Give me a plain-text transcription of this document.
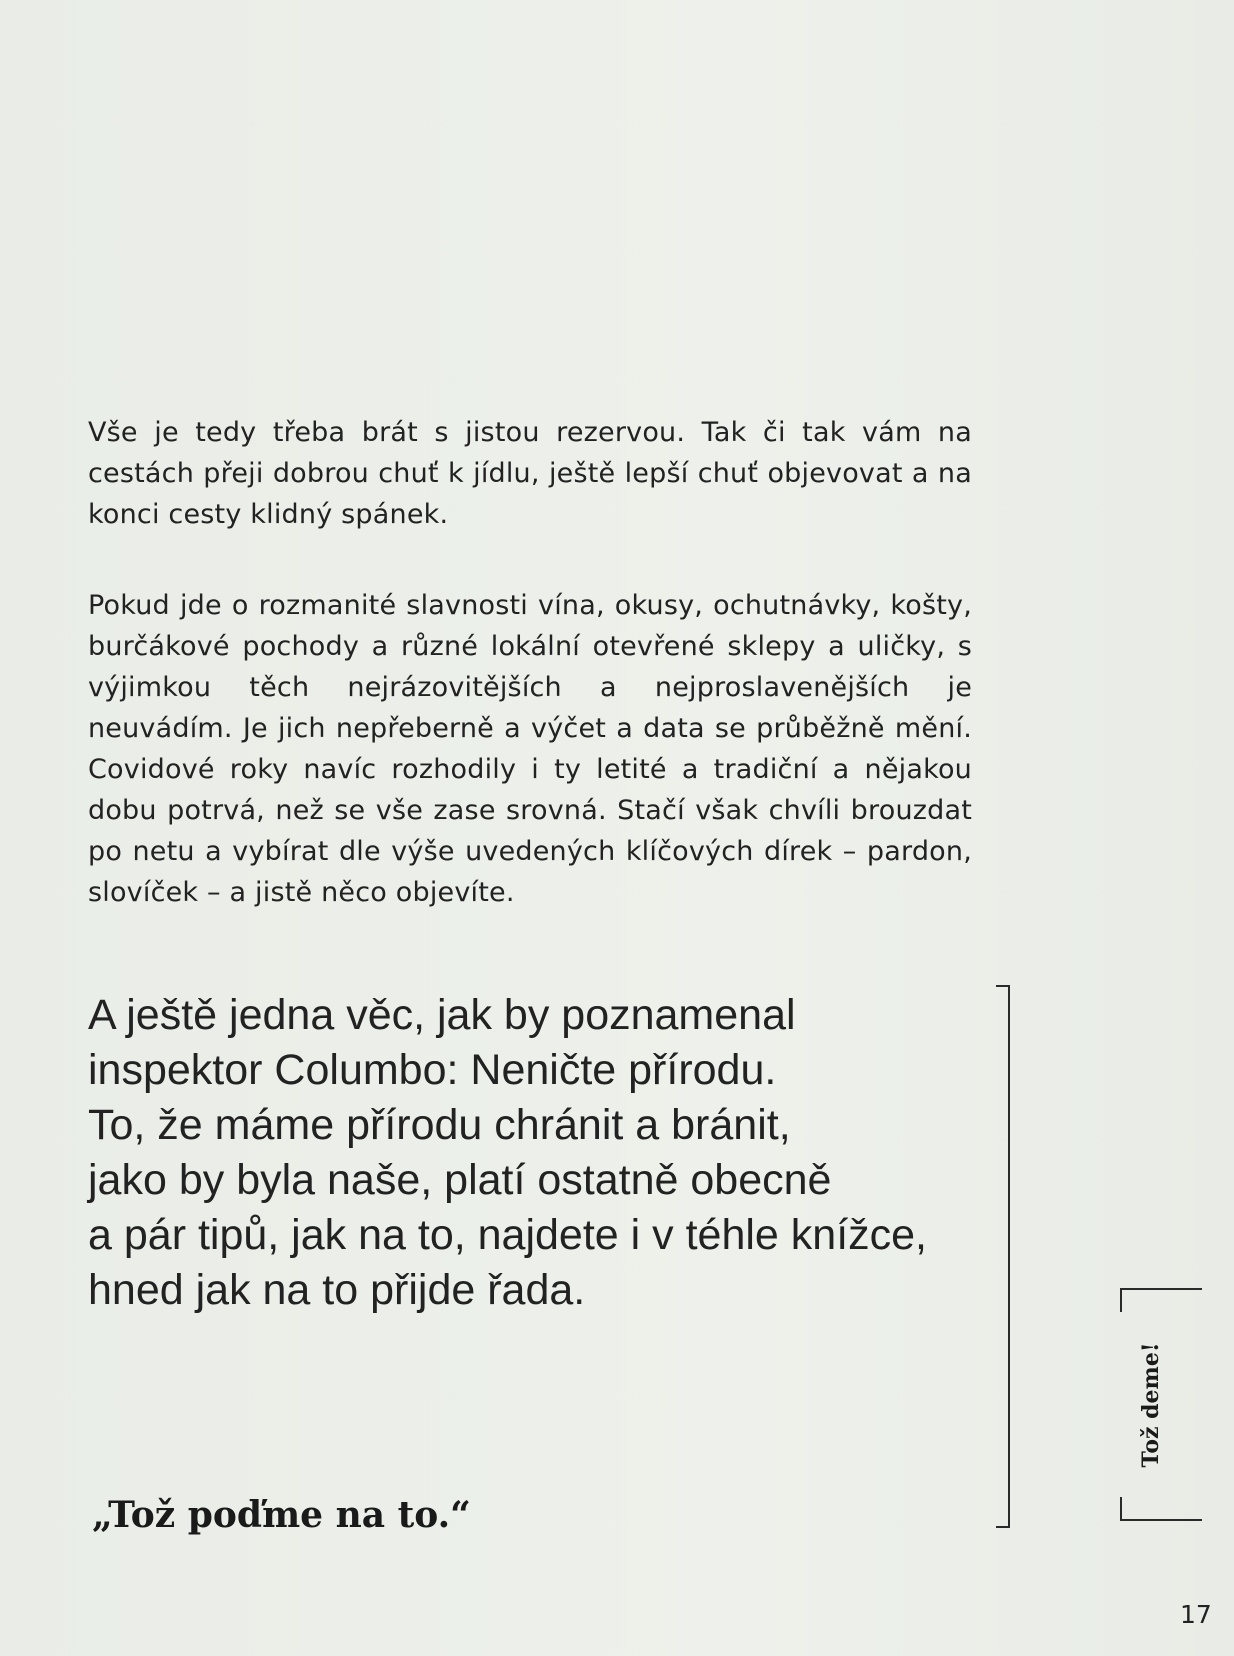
Vše je tedy třeba brát s jistou rezervou. Tak či tak vám na cestách přeji dobrou chuť k jídlu, ještě lepší chuť objevovat a na konci cesty klidný spánek.

Pokud jde o rozmanité slavnosti vína, okusy, ochutnávky, košty, burčákové pochody a různé lokální otevřené sklepy a uličky, s výjimkou těch nejrázovitějších a nejproslavenějších je neuvádím. Je jich nepřeberně a výčet a data se průběžně mění. Covidové roky navíc rozhodily i ty letité a tradiční a nějakou dobu potrvá, než se vše zase srovná. Stačí však chvíli brouzdat po netu a vybírat dle výše uvedených klíčových dírek – pardon, slovíček – a jistě něco objevíte.

A ještě jedna věc, jak by poznamenal
inspektor Columbo: Neničte přírodu.
To, že máme přírodu chránit a bránit,
jako by byla naše, platí ostatně obecně
a pár tipů, jak na to, najdete i v téhle knížce,
hned jak na to přijde řada.
„Tož poďme na to.“
Tož deme!
17
